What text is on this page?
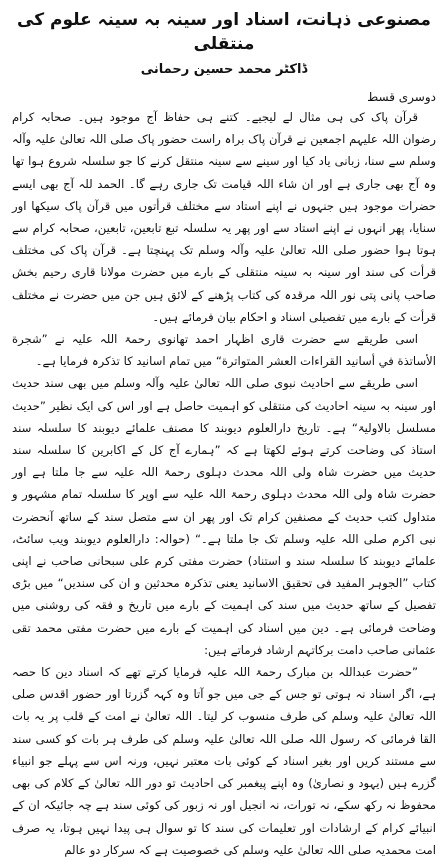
مصنوعی ذہانت، اسناد اور سینہ بہ سینہ علوم کی منتقلی
ڈاکٹر محمد حسین رحمانی
دوسری قسط

قرآن پاک کی ہی مثال لے لیجیے۔ کتنے ہی حفاظ آج موجود ہیں۔ صحابہ کرام رضوان اللہ علیہم اجمعین نے قرآن پاک براہ راست حضور پاک صلی اللہ تعالیٰ علیہ وآلہ وسلم سے سنا، زبانی یاد کیا اور سینے سے سینہ منتقل کرنے کا جو سلسلہ شروع ہوا تھا وہ آج بھی جاری ہے اور ان شاء اللہ قیامت تک جاری رہے گا۔ الحمد للہ آج بھی ایسے حضرات موجود ہیں جنہوں نے اپنے استاد سے مختلف قرأتوں میں قرآن پاک سیکھا اور سنایا، پھر انہوں نے اپنے استاد سے اور پھر یہ سلسلہ تبع تابعین، تابعین، صحابہ کرام سے ہوتا ہوا حضور صلی اللہ تعالیٰ علیہ وآلہ وسلم تک پہنچتا ہے۔ قرآن پاک کی مختلف قرأت کی سند اور سینہ بہ سینہ منتقلی کے بارے میں حضرت مولانا قاری رحیم بخش صاحب پانی پتی نور اللہ مرقدہ کی کتاب پڑھنے کے لائق ہیں جن میں حضرت نے مختلف قرأت کے بارے میں تفصیلی اسناد و احکام بیان فرمائے ہیں۔

اسی طریقے سے حضرت قاری اظہار احمد تھانوی رحمۃ اللہ علیہ نے ”شجرة الأساتذة في أسانيد القراءات العشر المتواترة“ میں تمام اسانید کا تذکرہ فرمایا ہے۔

اسی طریقے سے احادیث نبوی صلی اللہ تعالیٰ علیہ وآلہ وسلم میں بھی سند حدیث اور سینہ بہ سینہ احادیث کی منتقلی کو اہمیت حاصل ہے اور اس کی ایک نظیر ”حدیث مسلسل بالاولیۃ“ ہے۔ تاریخ دارالعلوم دیوبند کا مصنف علمائے دیوبند کا سلسلہ سند استاذ کی وضاحت کرتے ہوئے لکھتا ہے کہ ”ہمارے آج کل کے اکابرین کا سلسلہ سند حدیث میں حضرت شاہ ولی اللہ محدث دہلوی رحمۃ اللہ علیہ سے جا ملتا ہے اور حضرت شاہ ولی اللہ محدث دہلوی رحمۃ اللہ علیہ سے اوپر کا سلسلہ تمام مشہور و متداول کتب حدیث کے مصنفین کرام تک اور پھر ان سے متصل سند کے ساتھ آنحضرت نبی اکرم صلی اللہ علیہ وسلم تک جا ملتا ہے۔“ (حوالہ: دارالعلوم دیوبند ویب سائٹ، علمائے دیوبند کا سلسلہ سند و استناد) حضرت مفتی کرم علی سبحانی صاحب نے اپنی کتاب ”الجوہر المفید فی تحقیق الاسانید یعنی تذکرہ محدثین و ان کی سندیں“ میں بڑی تفصیل کے ساتھ حدیث میں سند کی اہمیت کے بارے میں تاریخ و فقہ کی روشنی میں وضاحت فرمائی ہے۔ دین میں اسناد کی اہمیت کے بارے میں حضرت مفتی محمد تقی عثمانی صاحب دامت برکاتہم ارشاد فرماتے ہیں:

”حضرت عبداللہ بن مبارک رحمۃ اللہ علیہ فرمایا کرتے تھے کہ اسناد دین کا حصہ ہے، اگر اسناد نہ ہوتی تو جس کے جی میں جو آتا وہ کہہ گزرتا اور حضور اقدس صلی اللہ تعالیٰ علیہ وسلم کی طرف منسوب کر لیتا۔ اللہ تعالیٰ نے امت کے قلب پر یہ بات القا فرمائی کہ رسول اللہ صلی اللہ تعالیٰ علیہ وسلم کی طرف ہر بات کو کسی سند سے مستند کریں اور بغیر اسناد کے کوئی بات معتبر نہیں، ورنہ اس سے پہلے جو انبیاء گزرے ہیں (یہود و نصاریٰ) وہ اپنے پیغمبر کی احادیث تو دور اللہ تعالیٰ کے کلام کی بھی محفوظ نہ رکھ سکے، نہ تورات، نہ انجیل اور نہ زبور کی کوئی سند ہے چہ جائیکہ ان کے انبیائے کرام کے ارشادات اور تعلیمات کی سند کا تو سوال ہی پیدا نہیں ہوتا، یہ صرف امت محمدیہ صلی اللہ تعالیٰ علیہ وسلم کی خصوصیت ہے کہ سرکار دو عالم
